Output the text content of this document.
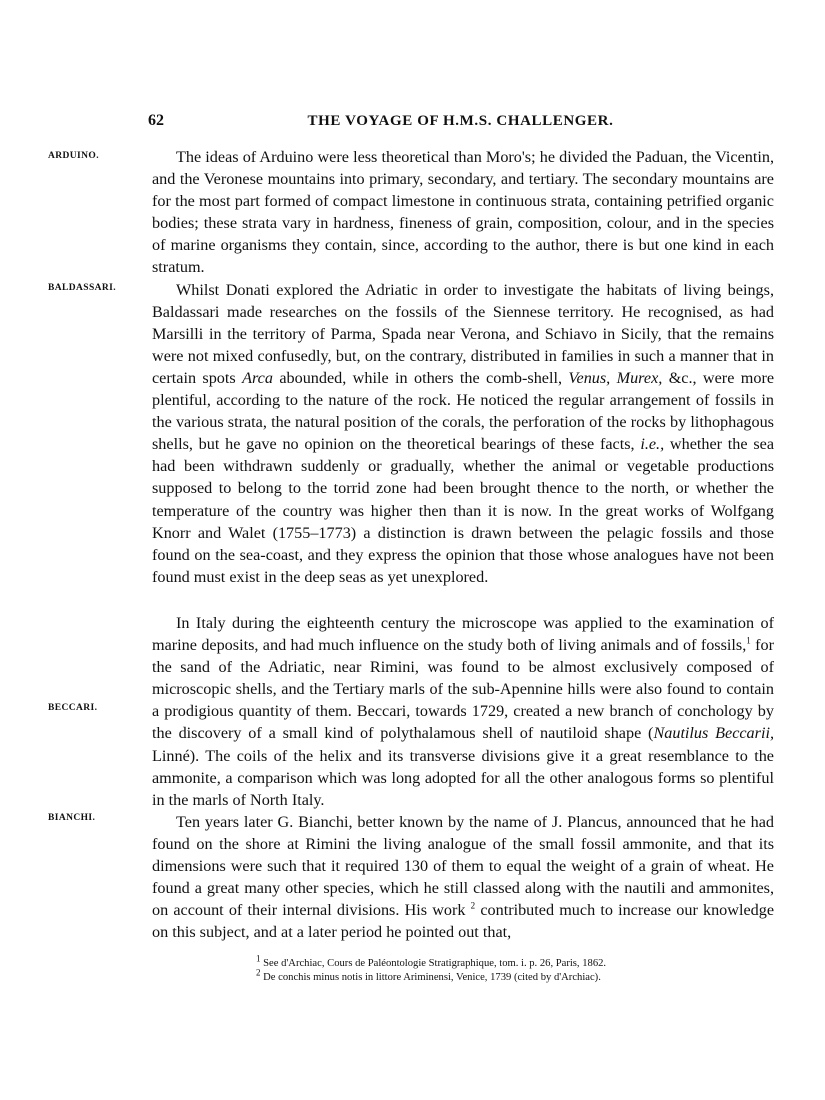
62	THE VOYAGE OF H.M.S. CHALLENGER.
ARDUINO.
BALDASSARI.
BECCARI.
BIANCHI.

The ideas of Arduino were less theoretical than Moro's; he divided the Paduan, the Vicentin, and the Veronese mountains into primary, secondary, and tertiary. The secondary mountains are for the most part formed of compact limestone in continuous strata, containing petrified organic bodies; these strata vary in hardness, fineness of grain, composition, colour, and in the species of marine organisms they contain, since, according to the author, there is but one kind in each stratum.

Whilst Donati explored the Adriatic in order to investigate the habitats of living beings, Baldassari made researches on the fossils of the Siennese territory. He recognised, as had Marsilli in the territory of Parma, Spada near Verona, and Schiavo in Sicily, that the remains were not mixed confusedly, but, on the contrary, distributed in families in such a manner that in certain spots Arca abounded, while in others the comb-shell, Venus, Murex, &c., were more plentiful, according to the nature of the rock. He noticed the regular arrangement of fossils in the various strata, the natural position of the corals, the perforation of the rocks by lithophagous shells, but he gave no opinion on the theoretical bearings of these facts, i.e., whether the sea had been withdrawn suddenly or gradually, whether the animal or vegetable productions supposed to belong to the torrid zone had been brought thence to the north, or whether the temperature of the country was higher then than it is now. In the great works of Wolfgang Knorr and Walet (1755–1773) a distinction is drawn between the pelagic fossils and those found on the sea-coast, and they express the opinion that those whose analogues have not been found must exist in the deep seas as yet unexplored.

In Italy during the eighteenth century the microscope was applied to the examination of marine deposits, and had much influence on the study both of living animals and of fossils,$^1$ for the sand of the Adriatic, near Rimini, was found to be almost exclusively composed of microscopic shells, and the Tertiary marls of the sub-Apennine hills were also found to contain a prodigious quantity of them. Beccari, towards 1729, created a new branch of conchology by the discovery of a small kind of polythalamous shell of nautiloid shape (Nautilus Beccarii, Linné). The coils of the helix and its transverse divisions give it a great resemblance to the ammonite, a comparison which was long adopted for all the other analogous forms so plentiful in the marls of North Italy.

Ten years later G. Bianchi, better known by the name of J. Plancus, announced that he had found on the shore at Rimini the living analogue of the small fossil ammonite, and that its dimensions were such that it required 130 of them to equal the weight of a grain of wheat. He found a great many other species, which he still classed along with the nautili and ammonites, on account of their internal divisions. His work $^2$ contributed much to increase our knowledge on this subject, and at a later period he pointed out that,

$^1$ See d'Archiac, Cours de Paléontologie Stratigraphique, tom. i. p. 26, Paris, 1862.
$^2$ De conchis minus notis in littore Ariminensi, Venice, 1739 (cited by d'Archiac).
